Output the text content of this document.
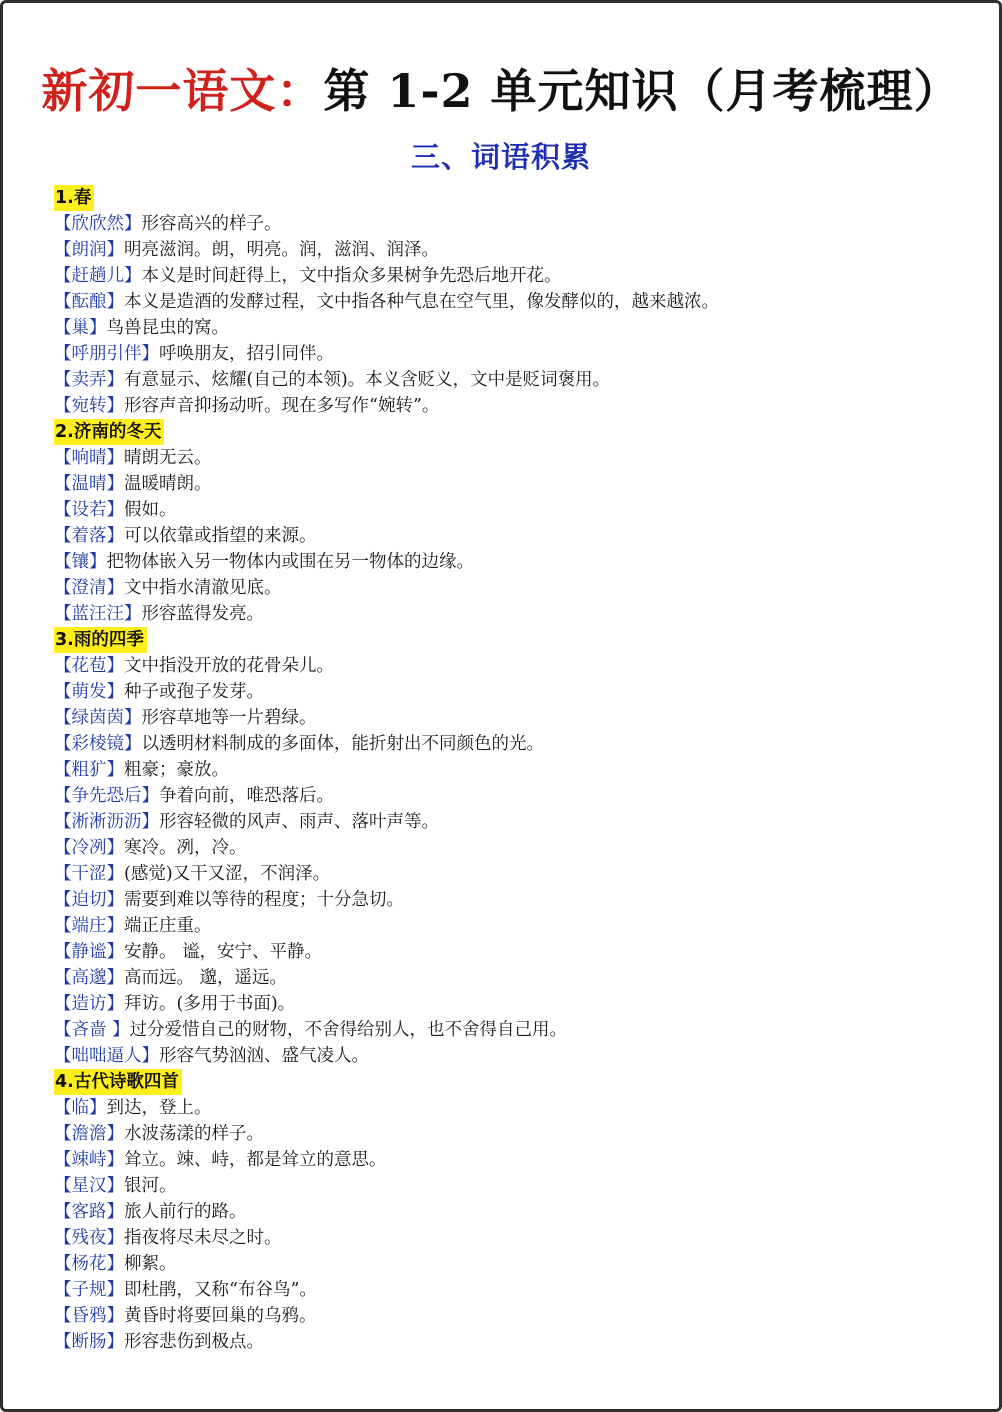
新初一语文：第 1-2 单元知识（月考梳理）
三、词语积累
1.春
【欣欣然】形容高兴的样子。
【朗润】明亮滋润。朗，明亮。润，滋润、润泽。
【赶趟儿】本义是时间赶得上，文中指众多果树争先恐后地开花。
【酝酿】本义是造酒的发酵过程，文中指各种气息在空气里，像发酵似的，越来越浓。
【巢】鸟兽昆虫的窝。
【呼朋引伴】呼唤朋友，招引同伴。
【卖弄】有意显示、炫耀(自己的本领)。本义含贬义，文中是贬词褒用。
【宛转】形容声音抑扬动听。现在多写作“婉转”。
2.济南的冬天
【响晴】晴朗无云。
【温晴】温暖晴朗。
【设若】假如。
【着落】可以依靠或指望的来源。
【镶】把物体嵌入另一物体内或围在另一物体的边缘。
【澄清】文中指水清澈见底。
【蓝汪汪】形容蓝得发亮。
3.雨的四季
【花苞】文中指没开放的花骨朵儿。
【萌发】种子或孢子发芽。
【绿茵茵】形容草地等一片碧绿。
【彩棱镜】以透明材料制成的多面体，能折射出不同颜色的光。
【粗犷】粗豪；豪放。
【争先恐后】争着向前，唯恐落后。
【淅淅沥沥】形容轻微的风声、雨声、落叶声等。
【冷冽】寒冷。冽，冷。
【干涩】(感觉)又干又涩，不润泽。
【迫切】需要到难以等待的程度；十分急切。
【端庄】端正庄重。
【静谧】安静。 谧，安宁、平静。
【高邈】高而远。 邈，遥远。
【造访】拜访。(多用于书面)。
【吝啬 】过分爱惜自己的财物，不舍得给别人，也不舍得自己用。
【咄咄逼人】形容气势汹汹、盛气凌人。
4.古代诗歌四首
【临】到达，登上。
【澹澹】水波荡漾的样子。
【竦峙】耸立。竦、峙，都是耸立的意思。
【星汉】银河。
【客路】旅人前行的路。
【残夜】指夜将尽未尽之时。
【杨花】柳絮。
【子规】即杜鹃，又称“布谷鸟”。
【昏鸦】黄昏时将要回巢的乌鸦。
【断肠】形容悲伤到极点。
